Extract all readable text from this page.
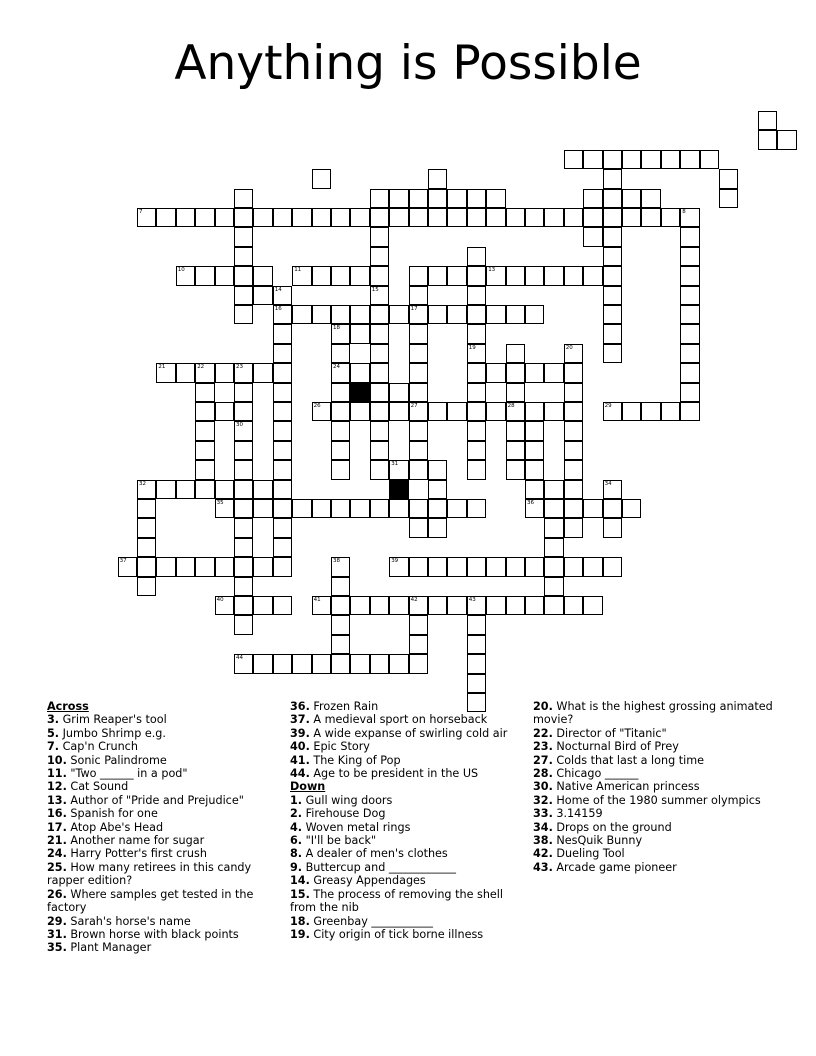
Anything is Possible
7	8
10	11	13
14	15
16	17
18
19	20
21	22	23	24
26	27	28	29
30
31
32	34
35	36
37	38	39
40	41	42	43
44
Across
3. Grim Reaper's tool
5. Jumbo Shrimp e.g.
7. Cap'n Crunch
10. Sonic Palindrome
11. "Two ______ in a pod"
12. Cat Sound
13. Author of "Pride and Prejudice"
16. Spanish for one
17. Atop Abe's Head
21. Another name for sugar
24. Harry Potter's first crush
25. How many retirees in this candy rapper edition?
26. Where samples get tested in the factory
29. Sarah's horse's name
31. Brown horse with black points
35. Plant Manager
36. Frozen Rain
37. A medieval sport on horseback
39. A wide expanse of swirling cold air
40. Epic Story
41. The King of Pop
44. Age to be president in the US
Down
1. Gull wing doors
2. Firehouse Dog
4. Woven metal rings
6. "I'll be back"
8. A dealer of men's clothes
9. Buttercup and ____________
14. Greasy Appendages
15. The process of removing the shell from the nib
18. Greenbay ___________
19. City origin of tick borne illness
20. What is the highest grossing animated movie?
22. Director of "Titanic"
23. Nocturnal Bird of Prey
27. Colds that last a long time
28. Chicago ______
30. Native American princess
32. Home of the 1980 summer olympics
33. 3.14159
34. Drops on the ground
38. NesQuik Bunny
42. Dueling Tool
43. Arcade game pioneer
